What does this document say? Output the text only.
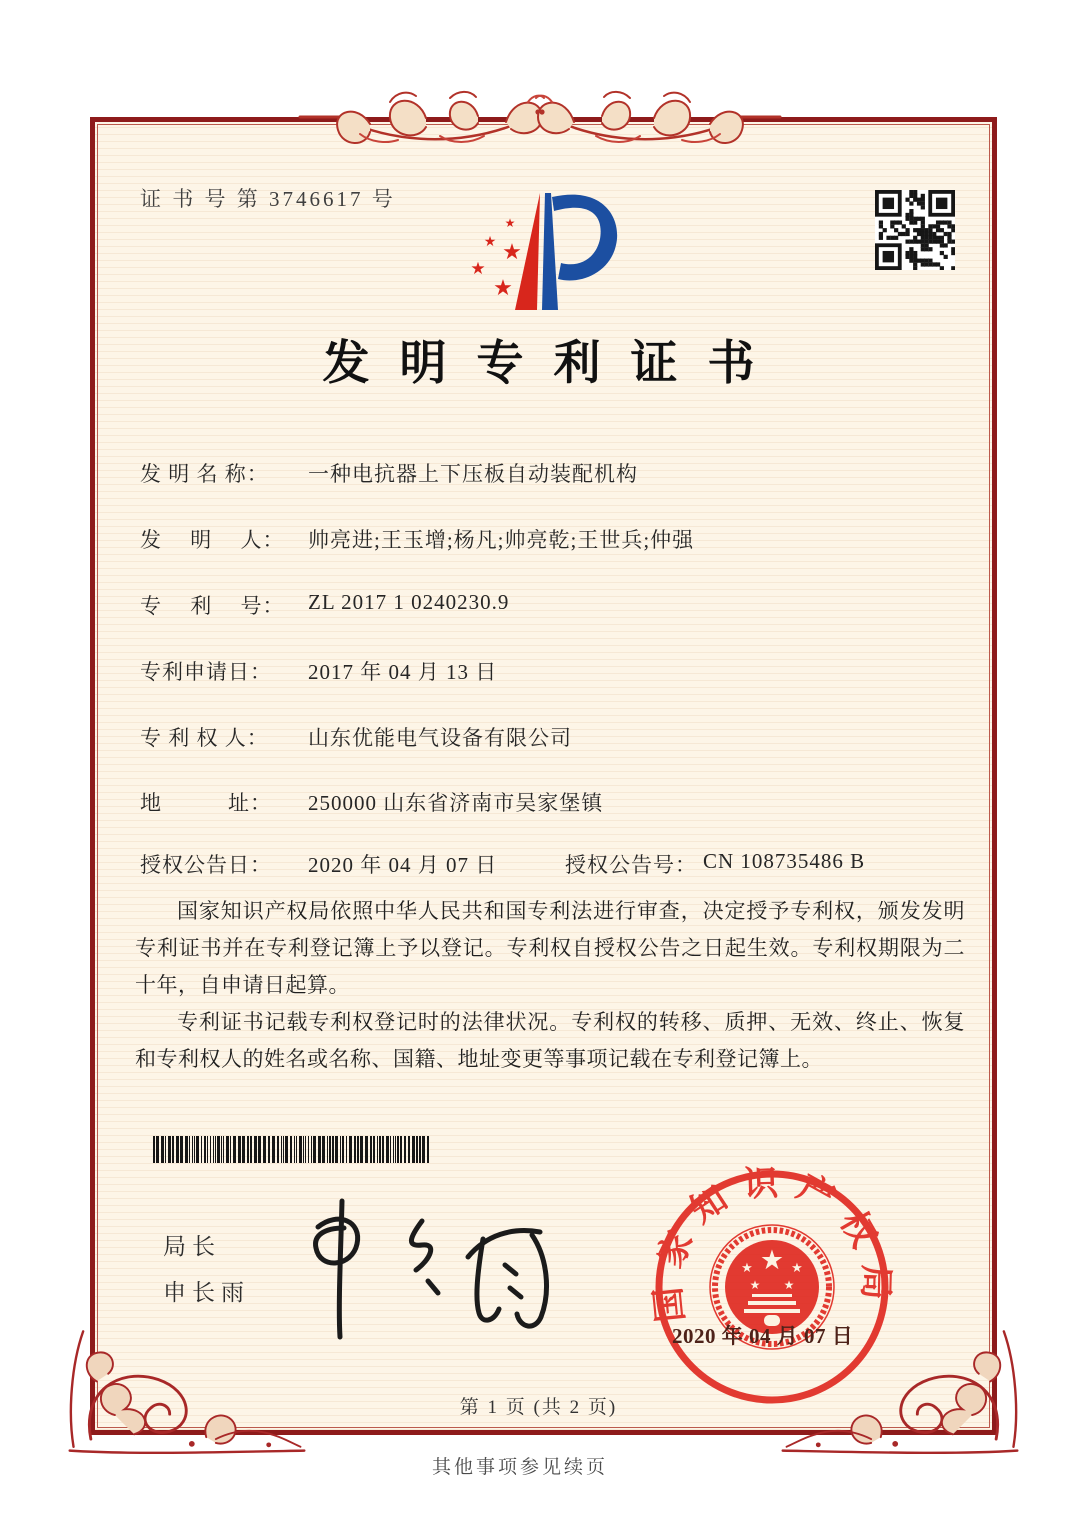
证 书 号 第 3746617 号
★
★ ★
★
★
发明专利证书
发 明 名 称：	一种电抗器上下压板自动装配机构
发　 明　 人：	帅亮进;王玉增;杨凡;帅亮乾;王世兵;仲强
专　 利　 号：	ZL 2017 1 0240230.9
专利申请日：	2017 年 04 月 13 日
专 利 权 人：	山东优能电气设备有限公司
地　　　址：	250000 山东省济南市吴家堡镇
授权公告日：	2020 年 04 月 07 日	授权公告号： CN 108735486 B

国家知识产权局依照中华人民共和国专利法进行审查，决定授予专利权，颁发发明专利证书并在专利登记簿上予以登记。专利权自授权公告之日起生效。专利权期限为二十年，自申请日起算。

专利证书记载专利权登记时的法律状况。专利权的转移、质押、无效、终止、恢复和专利权人的姓名或名称、国籍、地址变更等事项记载在专利登记簿上。

局长
申长雨	国家知识产权局
★
★	★
★ ★
2020 年 04 月 07 日
第 1 页 (共 2 页)
其他事项参见续页
